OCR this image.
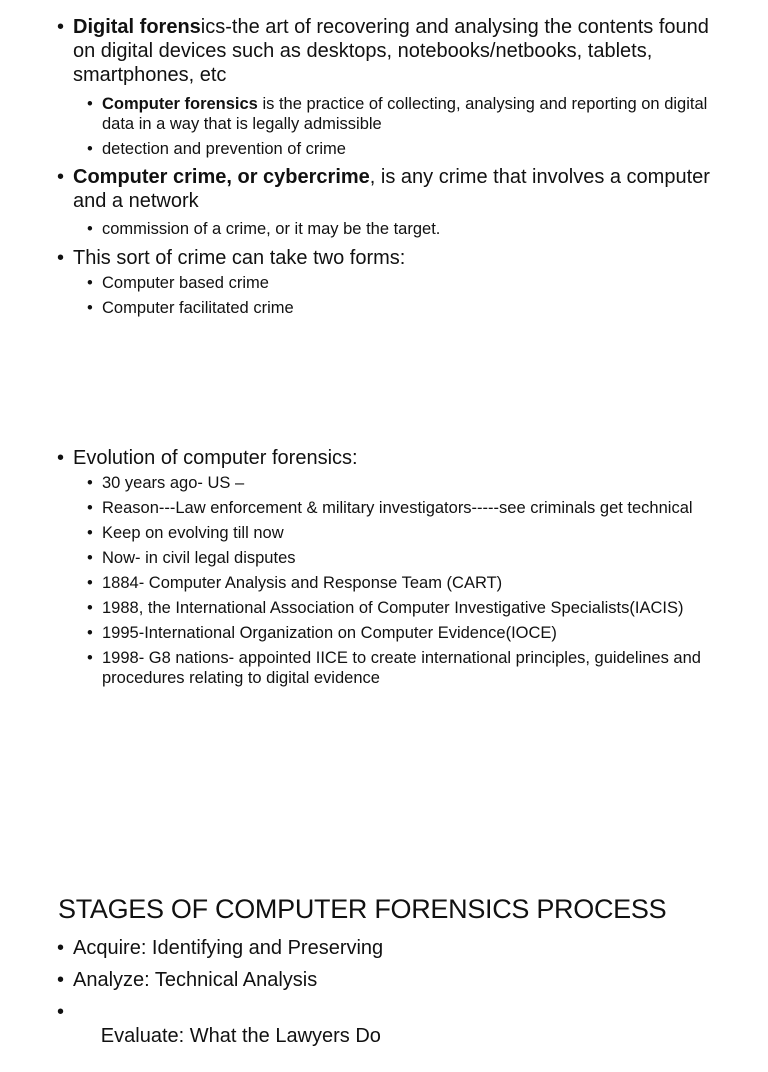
• Digital forensics-the art of recovering and analysing the contents found on digital devices such as desktops, notebooks/netbooks, tablets, smartphones, etc

• Computer forensics is the practice of collecting, analysing and reporting on digital data in a way that is legally admissible

• detection and prevention of crime

• Computer crime, or cybercrime, is any crime that involves a computer and a network

• commission of a crime, or it may be the target.

• This sort of crime can take two forms:

• Computer based crime

• Computer facilitated crime

• Evolution of computer forensics:

• 30 years ago- US –

• Reason---Law enforcement & military investigators-----see criminals get technical

• Keep on evolving till now

• Now- in civil legal disputes

• 1884- Computer Analysis and Response Team (CART)

• 1988, the International Association of Computer Investigative Specialists(IACIS)

• 1995-International Organization on Computer Evidence(IOCE)

• 1998- G8 nations- appointed IICE to create international principles, guidelines and procedures relating to digital evidence

STAGES OF COMPUTER FORENSICS PROCESS

• Acquire: Identifying and Preserving

• Analyze: Technical Analysis

•
Evaluate: What the Lawyers Do
